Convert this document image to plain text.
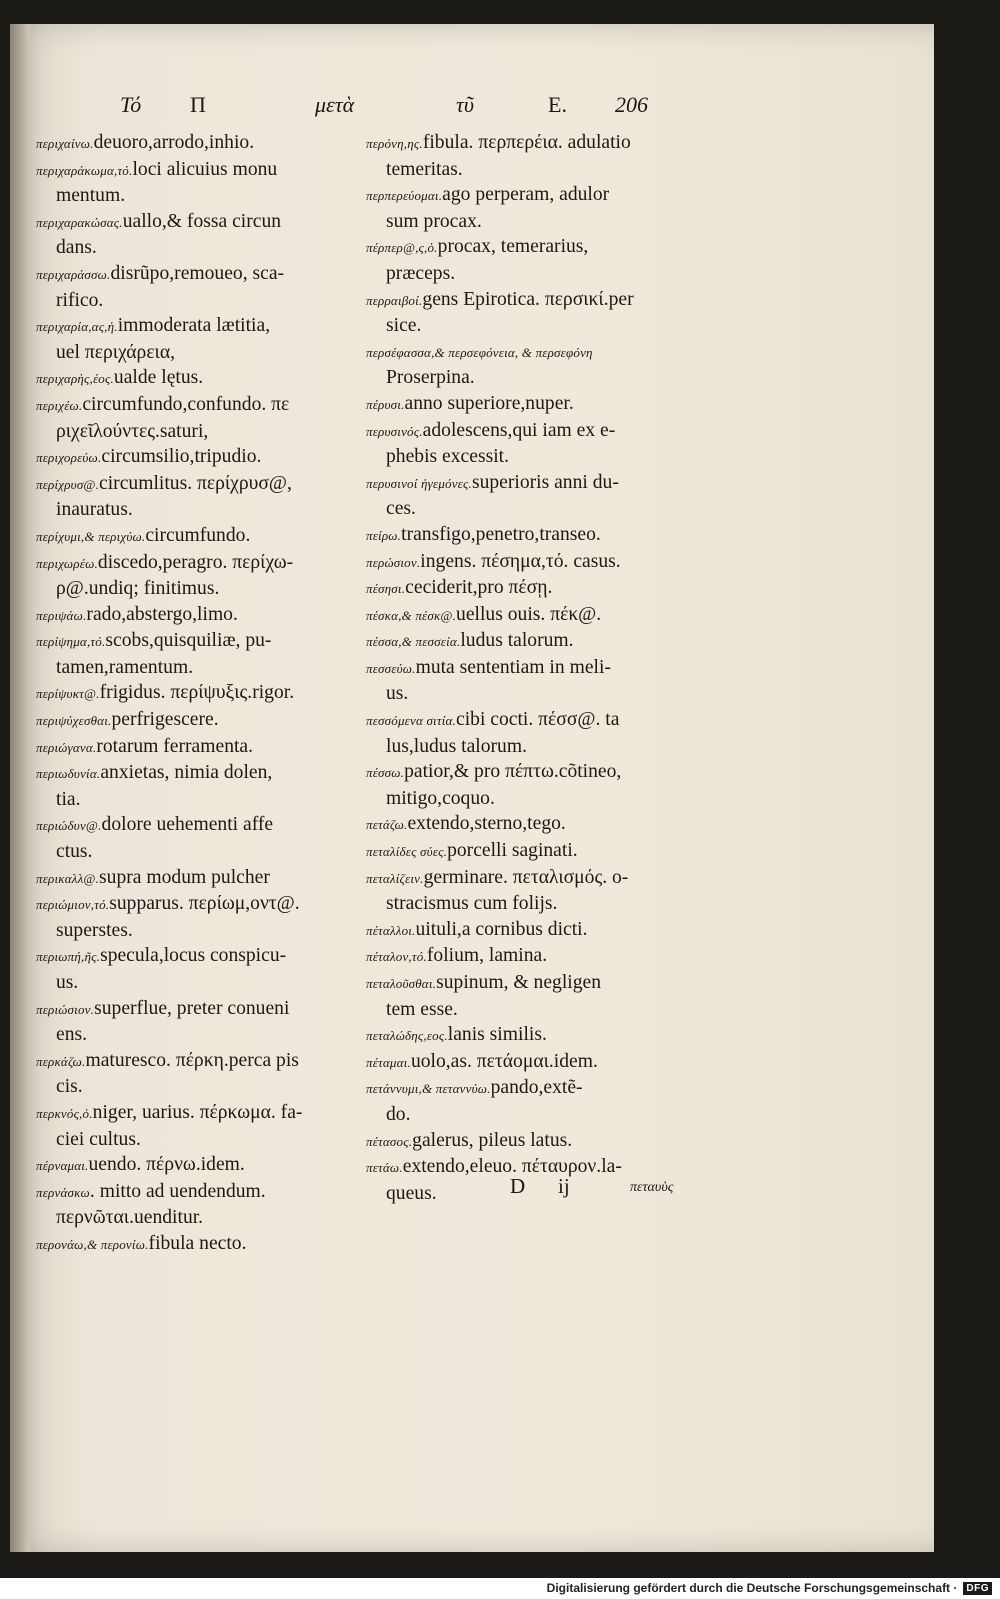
Τό Π	μετὰ	τῦ	Ε. 206
περιχαίνω.deuoro,arrodo,inhio.
περιχαράκωμα,τό.loci alicuius monu
mentum.
περιχαρακώσας.uallo,& fossa circun
dans.
περιχαράσσω.disrũpo,remoueo, sca-
rifico.
περιχαρία,ας,ἡ.immoderata lætitia,
uel περιχάρεια,
περιχαρὴς,έος.ualde lętus.
περιχέω.circumfundo,confundo. πε
ριχεῖλούντες.saturi,
περιχορεύω.circumsilio,tripudio.
περίχρυσ@.circumlitus. περίχρυσ@,
inauratus.
περίχυμι,& περιχύω.circumfundo.
περιχωρέω.discedo,peragro. περίχω-
ρ@.undiq; finitimus.
περιψάω.rado,abstergo,limo.
περίψημα,τό.scobs,quisquiliæ, pu-
tamen,ramentum.
περίψυκτ@.frigidus. περίψυξις.rigor.
περιψύχεσθαι.perfrigescere.
περιώγανα.rotarum ferramenta.
περιωδυνία.anxietas, nimia dolen,
tia.
περιώδυν@.dolore uehementi affe
ctus.
περικαλλ@.supra modum pulcher
περιώμιον,τό.supparus. περίωμ,οντ@.
superstes.
περιωπή,ῆς.specula,locus conspicu-
us.
περιώσιον.superflue, preter conueni
ens.
περκάζω.maturesco. πέρκη.perca pis
cis.
περκνός,ὁ.niger, uarius. πέρκωμα. fa-
ciei cultus.
πέρναμαι.uendo. πέρνω.idem.
περνάσκω. mitto ad uendendum.
περνῶται.uenditur.
περονάω,& περονίω.fibula necto.
περόνη,ης.fibula. περπερέια. adulatio
temeritas.
περπερεύομαι.ago perperam, adulor
sum procax.
πέρπερ@,ς,ὁ.procax, temerarius,
præceps.
περραιβοί.gens Epirotica. περσικί.per
sice.
περσέφασσα,& περσεφόνεια, & περσεφόνη
Proserpina.
πέρυσι.anno superiore,nuper.
περυσινός.adolescens,qui iam ex e-
phebis excessit.
περυσινοί ἡγεμόνες.superioris anni du-
ces.
πείρω.transfigo,penetro,transeo.
περώσιον.ingens. πέσημα,τό. casus.
πέσησι.ceciderit,pro πέσῃ.
πέσκα,& πέσκ@.uellus ouis. πέκ@.
πέσσα,& πεσσεία.ludus talorum.
πεσσεύω.muta sententiam in meli-
us.
πεσσόμενα σιτία.cibi cocti. πέσσ@. ta
lus,ludus talorum.
πέσσω.patior,& pro πέπτω.cõtineo,
mitigo,coquo.
πετάζω.extendo,sterno,tego.
πεταλίδες σύες.porcelli saginati.
πεταλίζειν.germinare. πεταλισμός. o-
stracismus cum folijs.
πέταλλοι.uituli,a cornibus dicti.
πέταλον,τό.folium, lamina.
πεταλοῦσθαι.supinum, & negligen
tem esse.
πεταλώδης,εος.lanis similis.
πέταμαι.uolo,as. πετάομαι.idem.
πετάννυμι,& πεταννύω.pando,extẽ-
do.
πέτασος.galerus, pileus latus.
πετάω.extendo,eleuo. πέταυρον.la-
queus.	D ij	πεταυὺς
Digitalisierung gefördert durch die Deutsche Forschungsgemeinschaft · DFG
